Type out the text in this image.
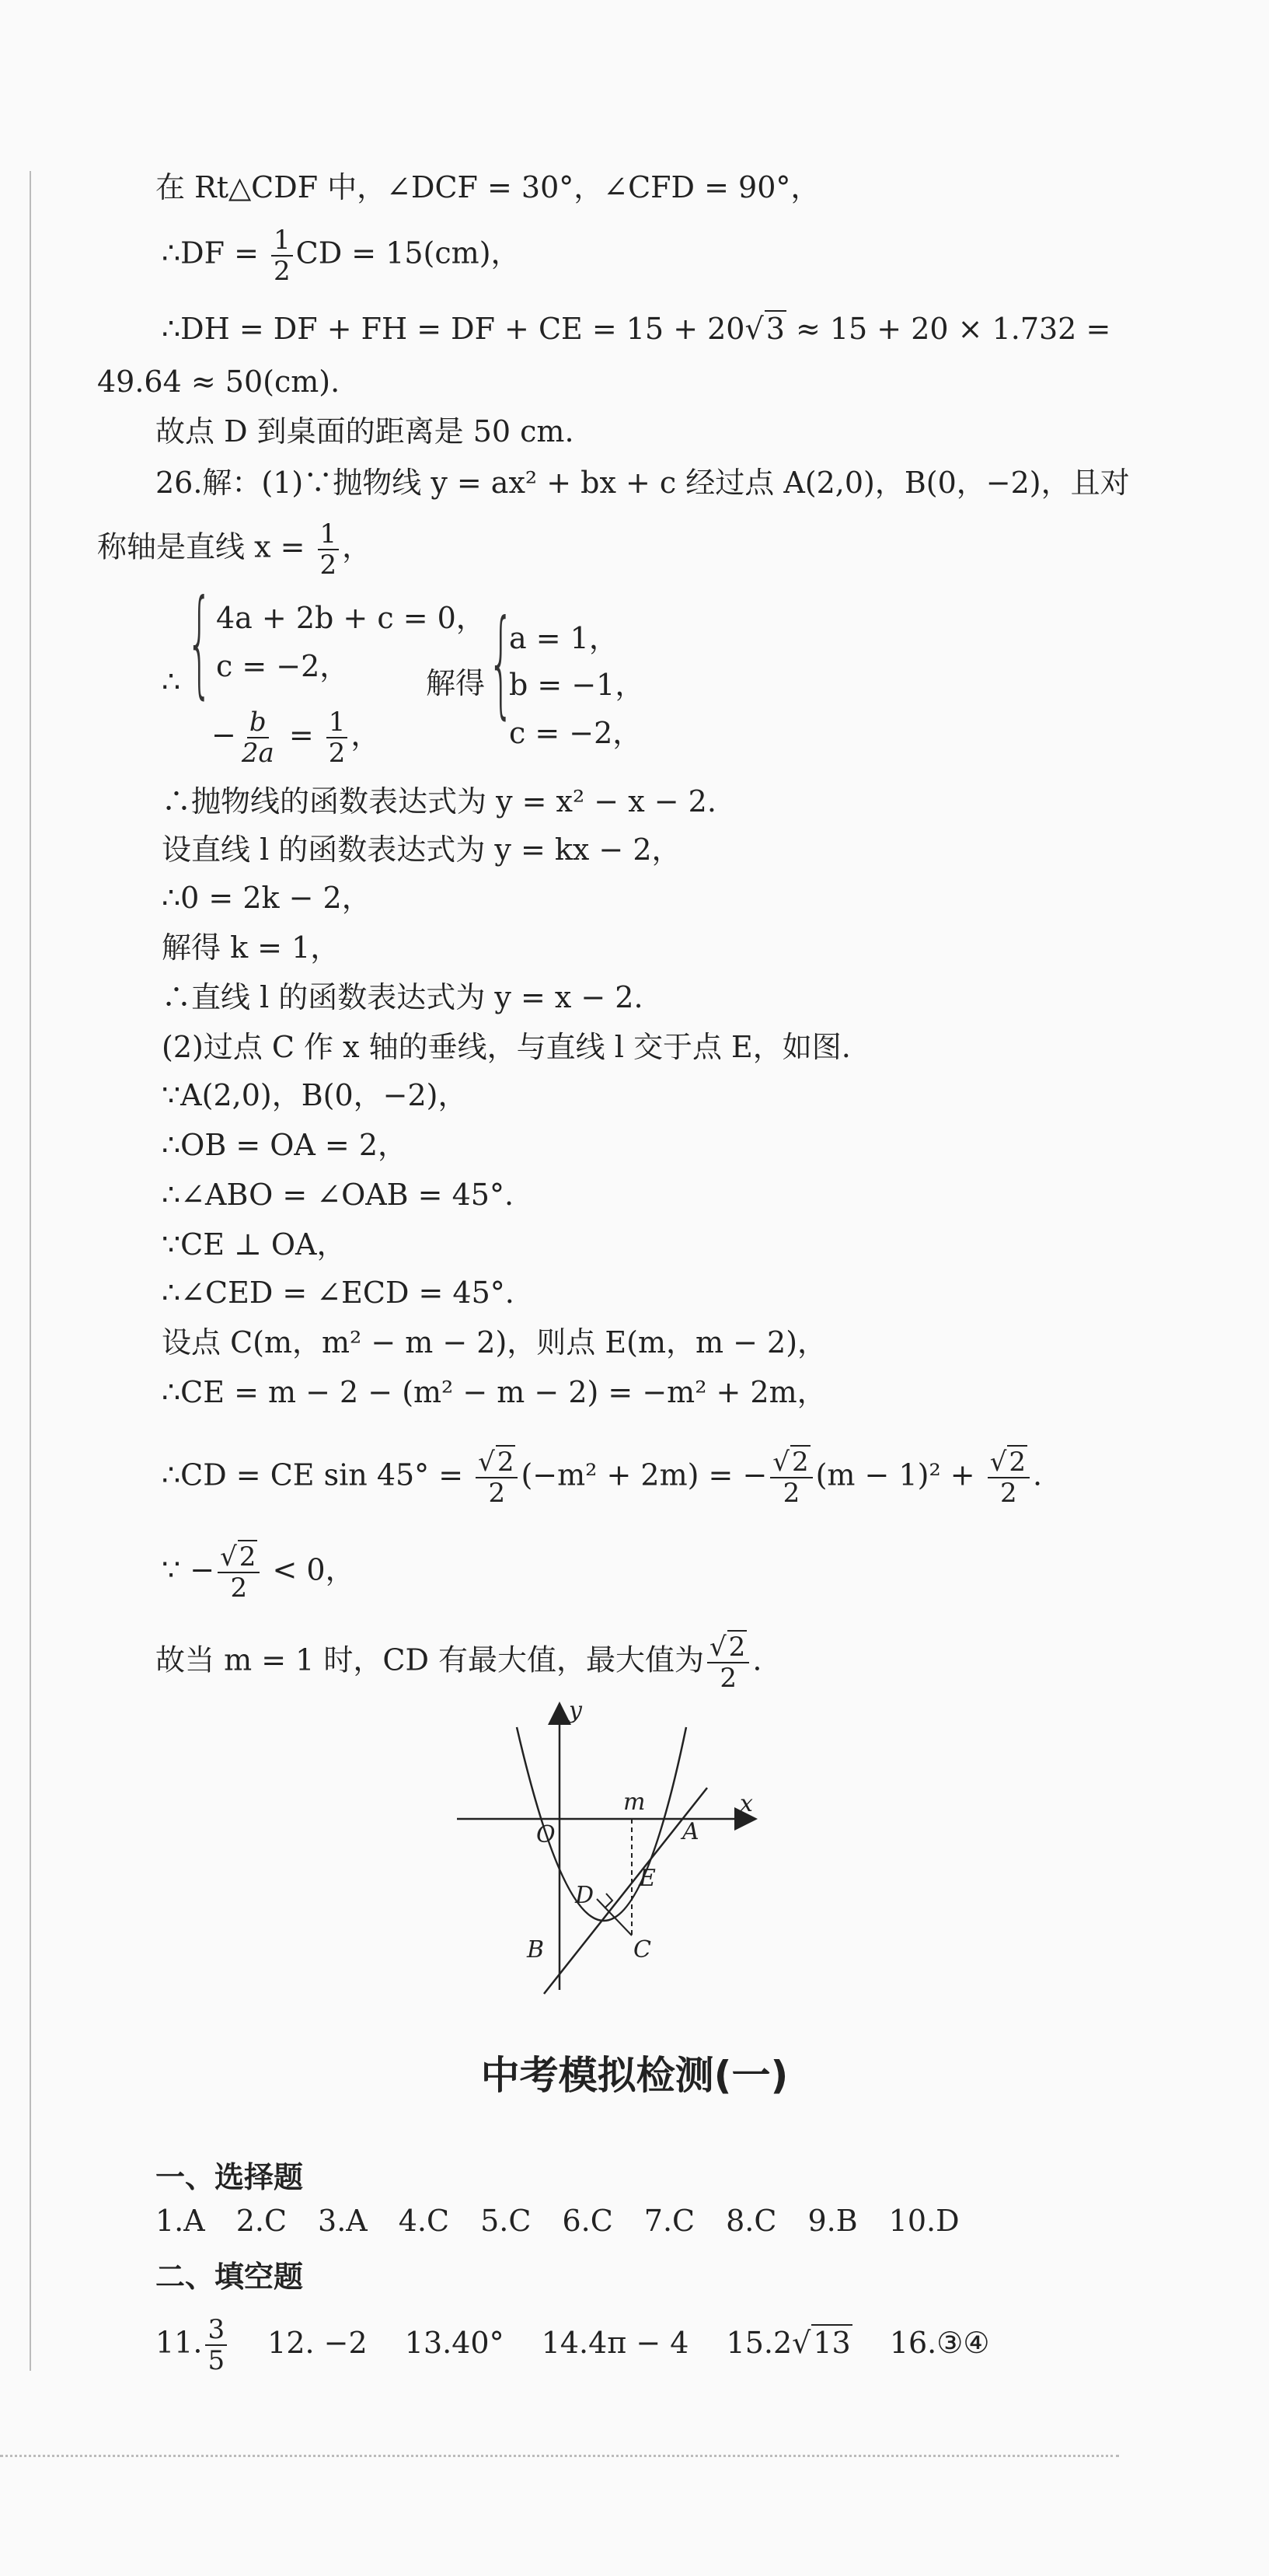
在 Rt△CDF 中，∠DCF = 30°，∠CFD = 90°，
∴DF = $\frac{1}{2}$ CD = 15(cm)，
∴DH = DF + FH = DF + CE = 15 + 20√3 ≈ 15 + 20 × 1.732 =
49.64 ≈ 50(cm).
故点 D 到桌面的距离是 50 cm.
26.解：(1)∵抛物线 y = ax² + bx + c 经过点 A(2,0)，B(0，−2)，且对
称轴是直线 $x = \frac{1}{2}$ ，
∴ { 4a + 2b + c = 0，
c = −2，
− $\frac{b}{2a} = \frac{1}{2}$ ，
解得 {
a = 1，
b = −1，
c = −2，
∴抛物线的函数表达式为 y = x² − x − 2.
设直线 l 的函数表达式为 y = kx − 2，
∴0 = 2k − 2，
解得 k = 1，
∴直线 l 的函数表达式为 y = x − 2.
(2)过点 C 作 x 轴的垂线，与直线 l 交于点 E，如图.
∵A(2,0)，B(0，−2)，
∴OB = OA = 2，
∴∠ABO = ∠OAB = 45°.
∵CE ⊥ OA，
∴∠CED = ∠ECD = 45°.
设点 C(m，m² − m − 2)，则点 E(m，m − 2)，
∴CE = m − 2 − (m² − m − 2) = −m² + 2m，
∴CD = CE $\sin 45^\circ = \frac{√2}{2} (-m^2 + 2m)$ = − $\frac{√2}{2} (m - 1)^2 + \frac{√2}{2}$ .
∵ − $\frac{√2}{2} < 0$，
故当 m = 1 时，CD 有最大值，最大值为 $\frac{√2}{2}$ .
y
x
O
m
A
E
D
B	C
中考模拟检测(一)
一、选择题
1.A 2.C 3.A 4.C 5.C 6.C 7.C 8.C 9.B 10.D
二、填空题
11. $\frac{3}{5} 12$. −2 13.40° 14.4π − 4 15.2√13 16.③④
